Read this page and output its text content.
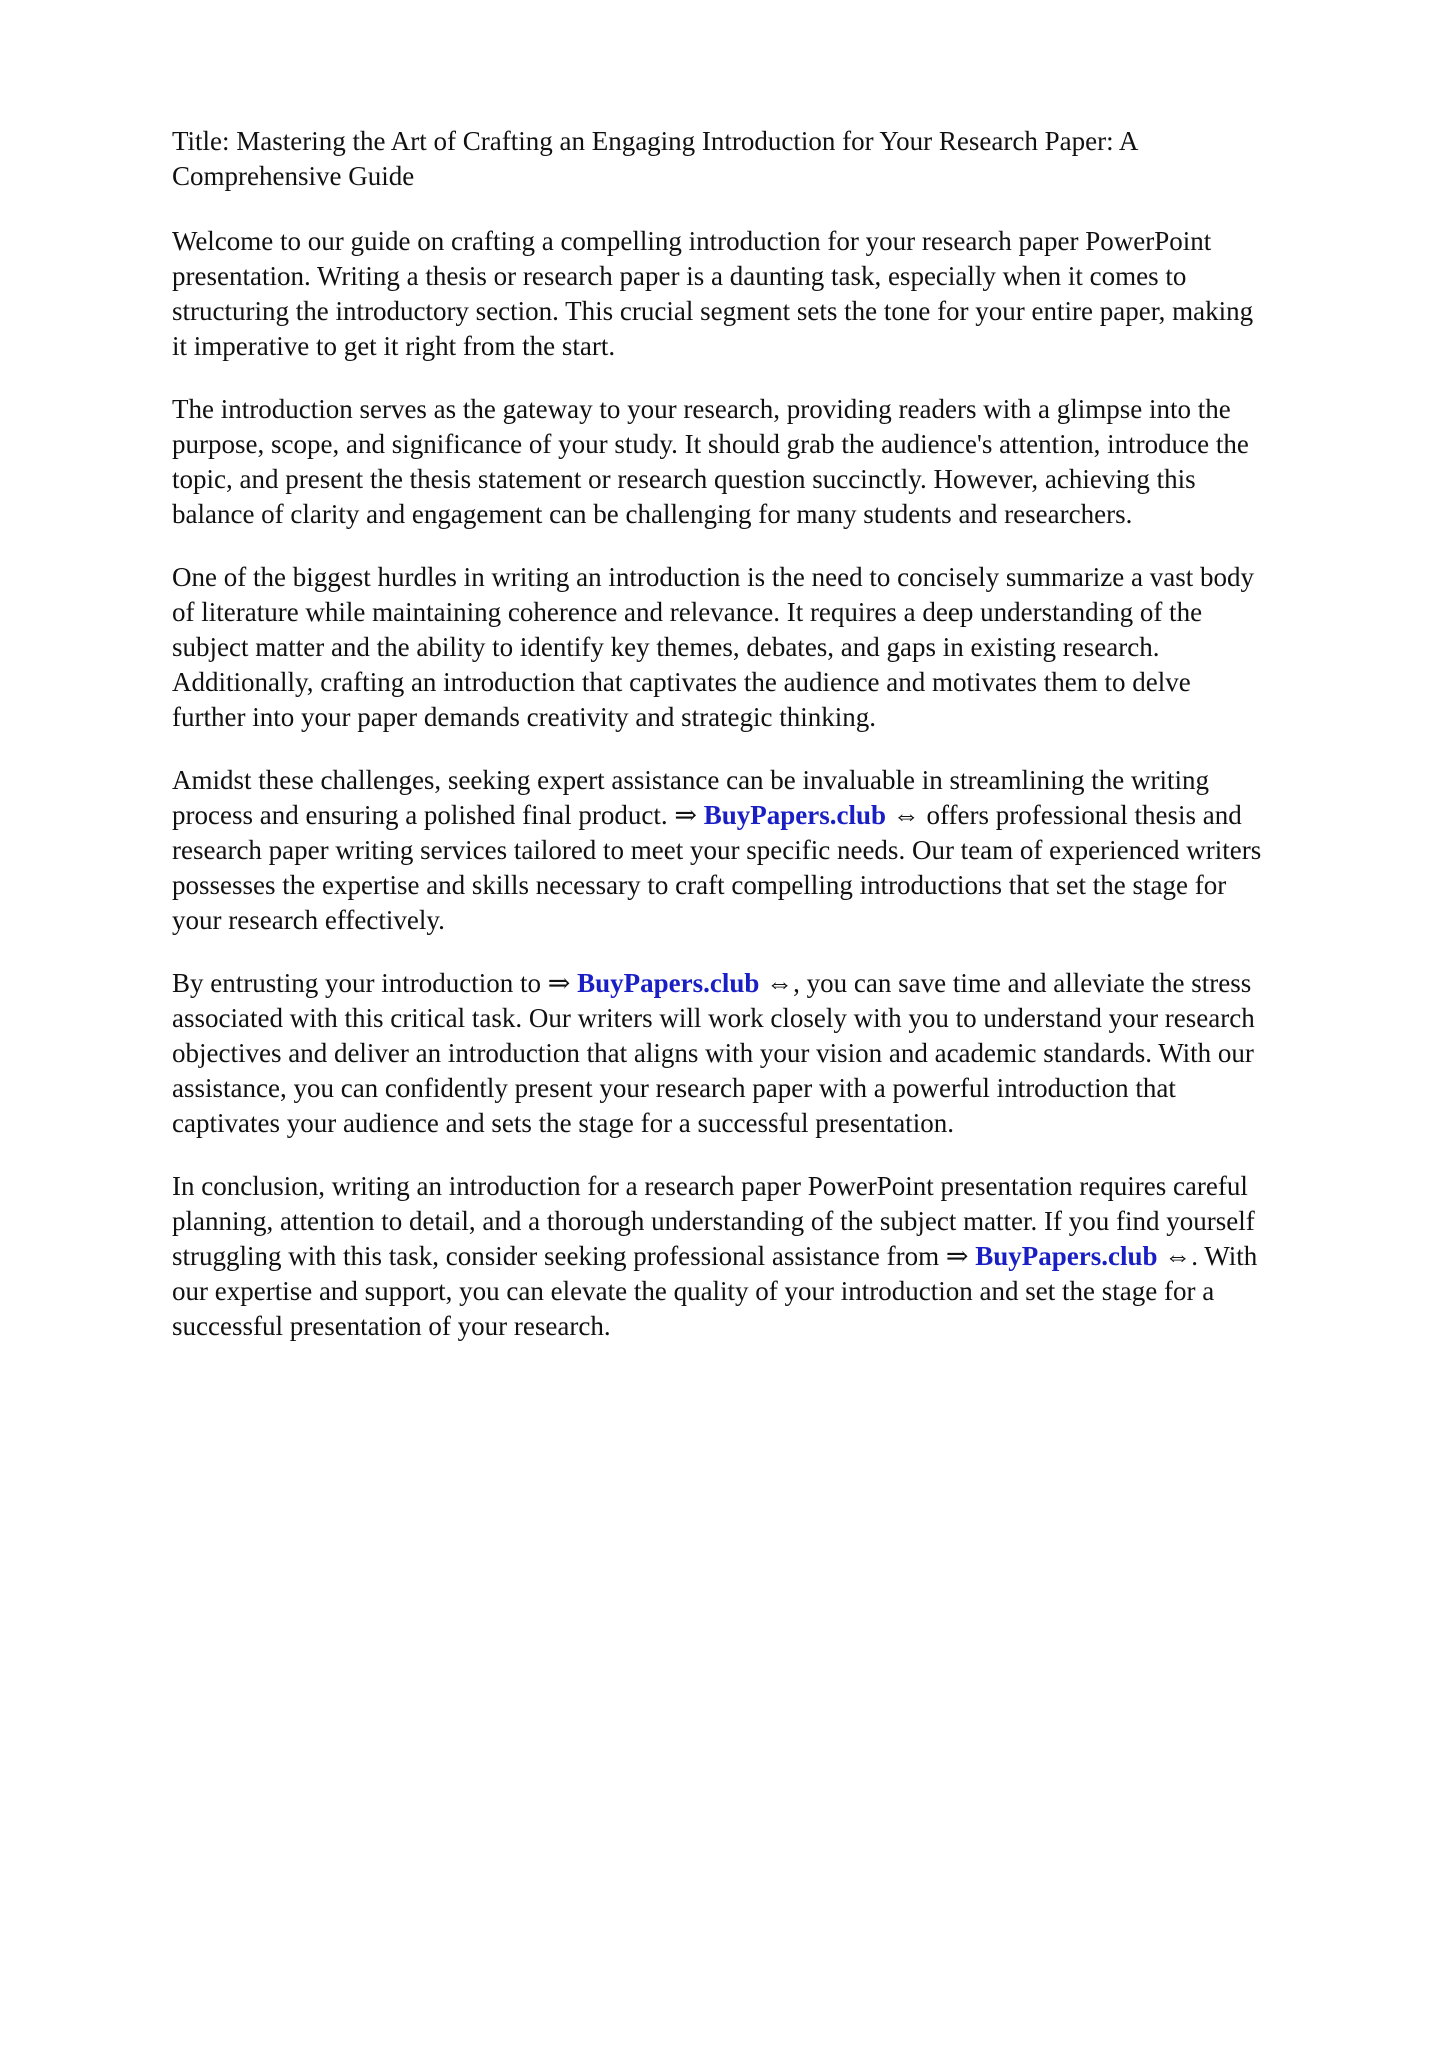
Title: Mastering the Art of Crafting an Engaging Introduction for Your Research Paper: A
Comprehensive Guide

Welcome to our guide on crafting a compelling introduction for your research paper PowerPoint
presentation. Writing a thesis or research paper is a daunting task, especially when it comes to
structuring the introductory section. This crucial segment sets the tone for your entire paper, making
it imperative to get it right from the start.

The introduction serves as the gateway to your research, providing readers with a glimpse into the
purpose, scope, and significance of your study. It should grab the audience's attention, introduce the
topic, and present the thesis statement or research question succinctly. However, achieving this
balance of clarity and engagement can be challenging for many students and researchers.

One of the biggest hurdles in writing an introduction is the need to concisely summarize a vast body
of literature while maintaining coherence and relevance. It requires a deep understanding of the
subject matter and the ability to identify key themes, debates, and gaps in existing research.
Additionally, crafting an introduction that captivates the audience and motivates them to delve
further into your paper demands creativity and strategic thinking.

Amidst these challenges, seeking expert assistance can be invaluable in streamlining the writing
process and ensuring a polished final product. ⇒ BuyPapers.club ⇔ offers professional thesis and
research paper writing services tailored to meet your specific needs. Our team of experienced writers
possesses the expertise and skills necessary to craft compelling introductions that set the stage for
your research effectively.

By entrusting your introduction to ⇒ BuyPapers.club ⇔, you can save time and alleviate the stress
associated with this critical task. Our writers will work closely with you to understand your research
objectives and deliver an introduction that aligns with your vision and academic standards. With our
assistance, you can confidently present your research paper with a powerful introduction that
captivates your audience and sets the stage for a successful presentation.

In conclusion, writing an introduction for a research paper PowerPoint presentation requires careful
planning, attention to detail, and a thorough understanding of the subject matter. If you find yourself
struggling with this task, consider seeking professional assistance from ⇒ BuyPapers.club ⇔. With
our expertise and support, you can elevate the quality of your introduction and set the stage for a
successful presentation of your research.
